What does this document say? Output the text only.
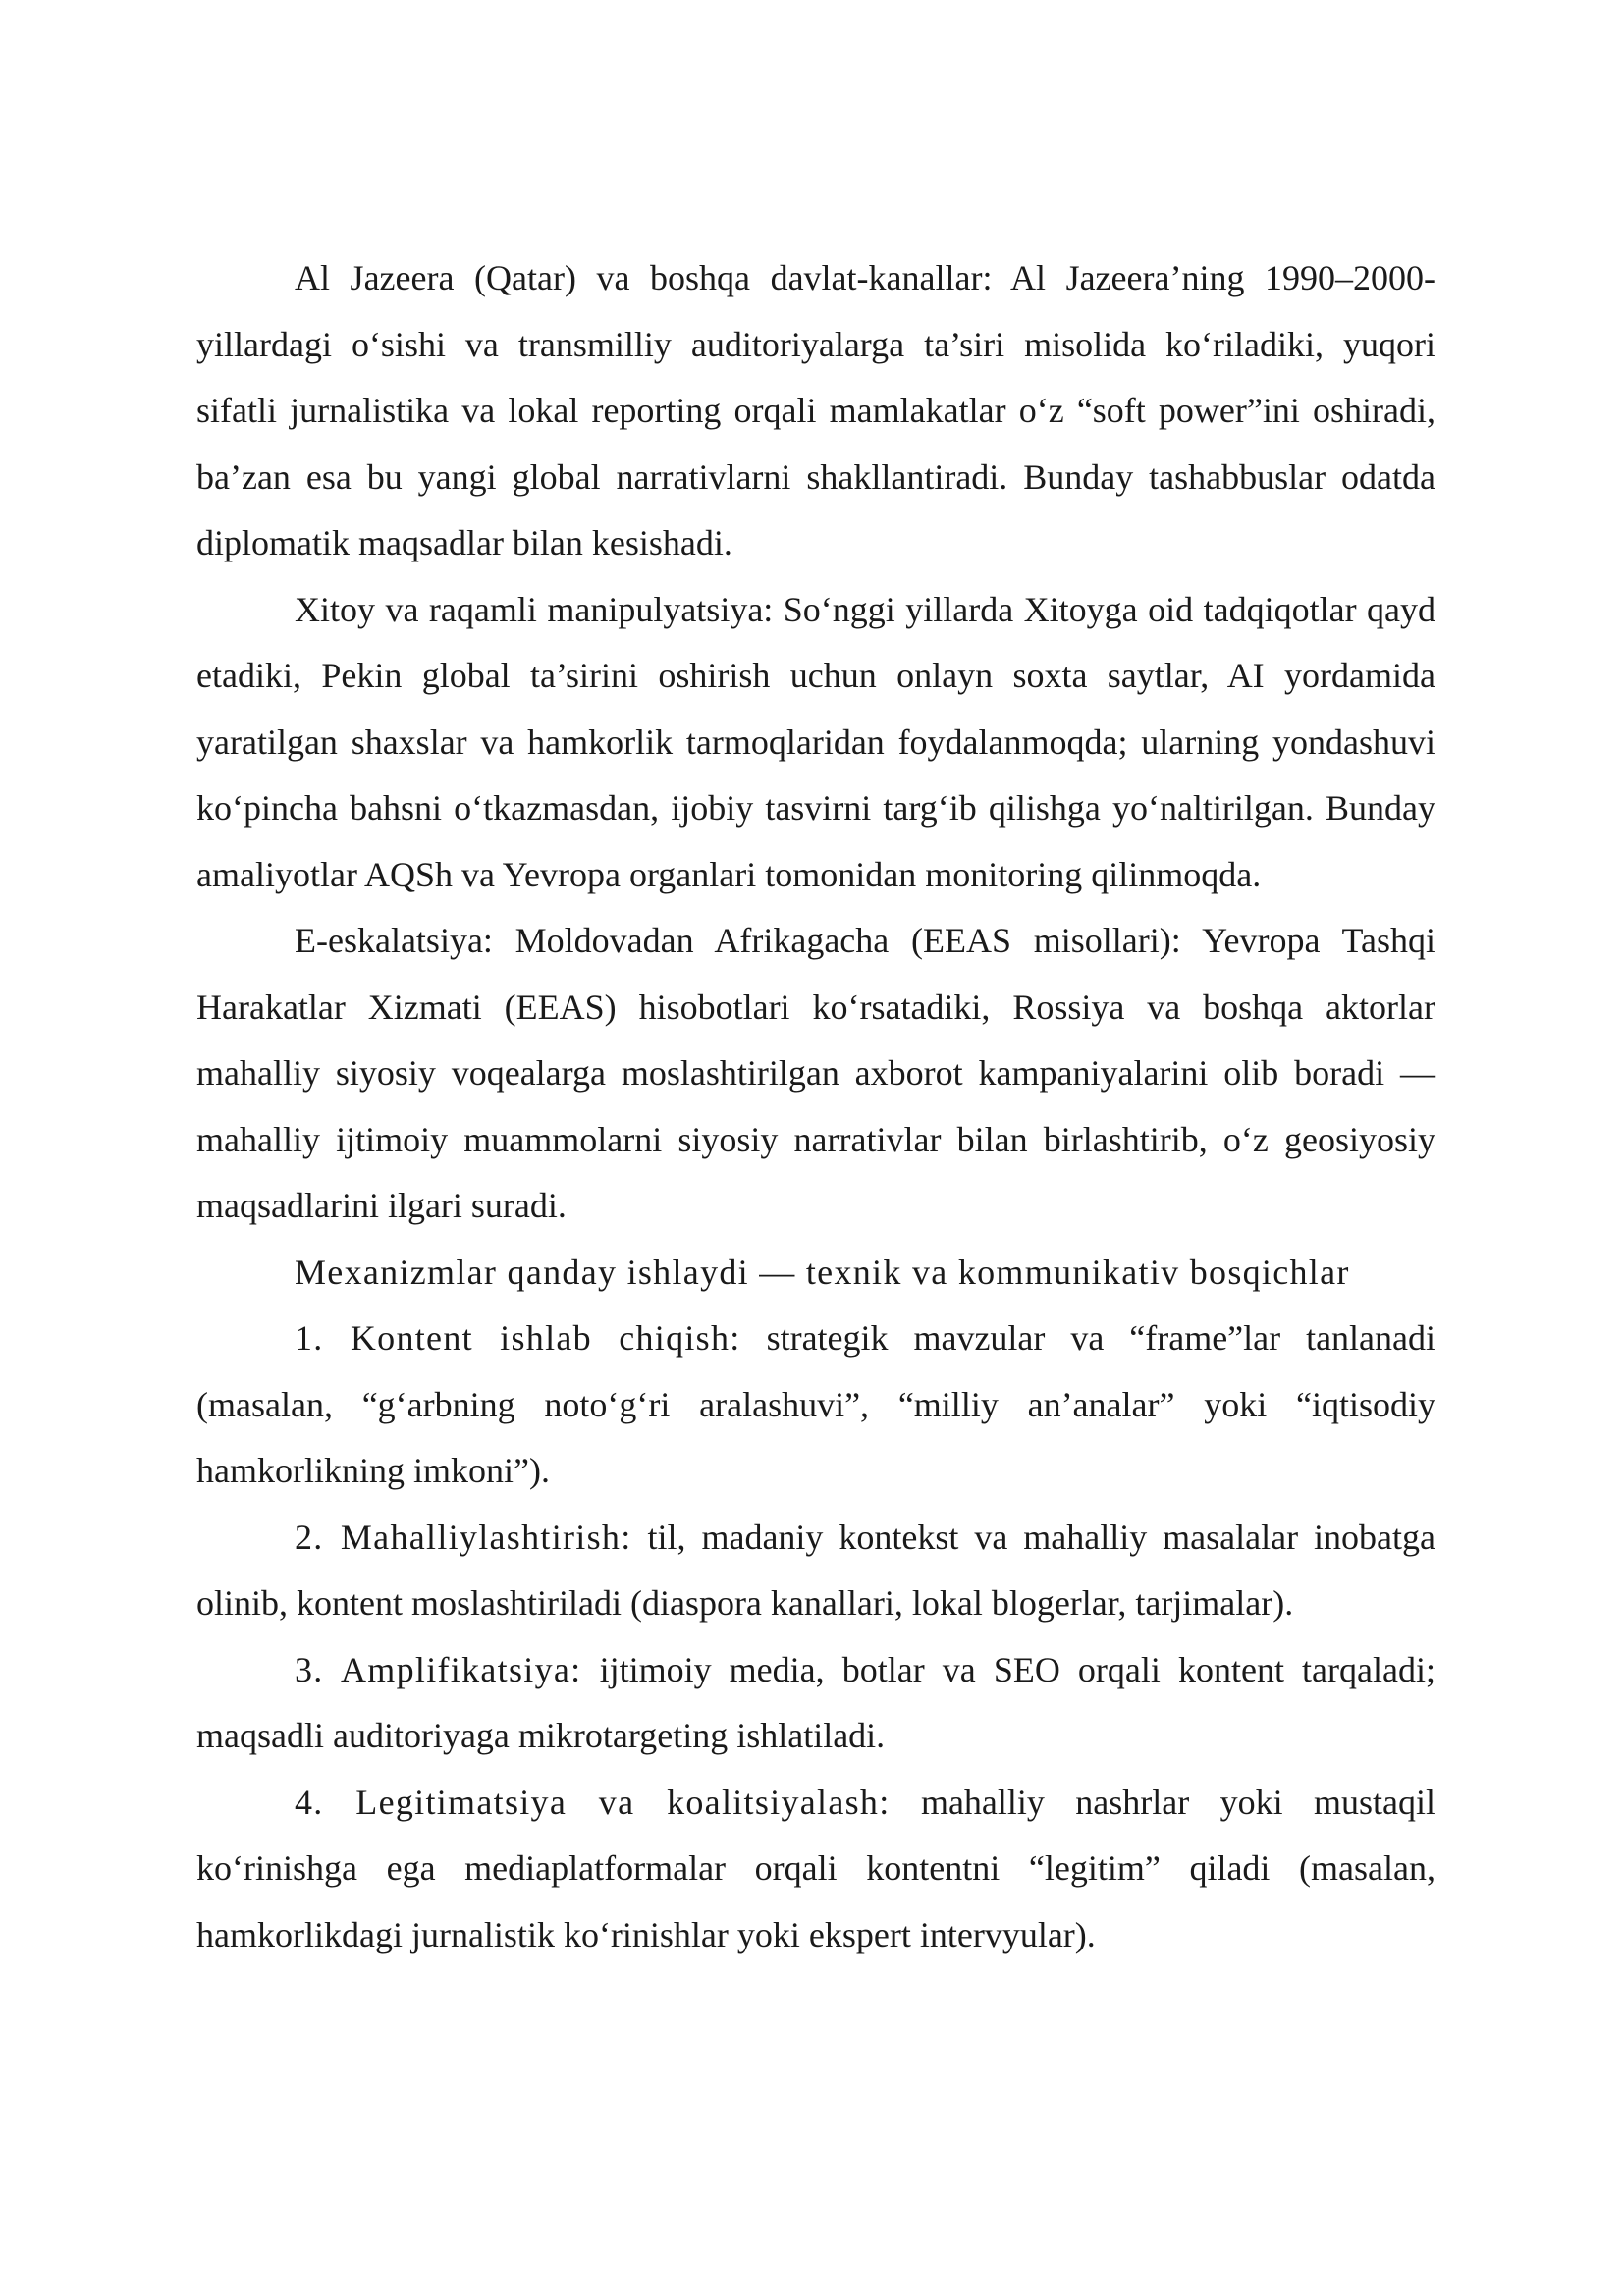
Al Jazeera (Qatar) va boshqa davlat-kanallar: Al Jazeera’ning 1990–2000-yillardagi o‘sishi va transmilliy auditoriyalarga ta’siri misolida ko‘riladiki, yuqori sifatli jurnalistika va lokal reporting orqali mamlakatlar o‘z “soft power”ini oshiradi, ba’zan esa bu yangi global narrativlarni shakllantiradi. Bunday tashabbuslar odatda diplomatik maqsadlar bilan kesishadi.

Xitoy va raqamli manipulyatsiya: So‘nggi yillarda Xitoyga oid tadqiqotlar qayd etadiki, Pekin global ta’sirini oshirish uchun onlayn soxta saytlar, AI yordamida yaratilgan shaxslar va hamkorlik tarmoqlaridan foydalanmoqda; ularning yondashuvi ko‘pincha bahsni o‘tkazmasdan, ijobiy tasvirni targ‘ib qilishga yo‘naltirilgan. Bunday amaliyotlar AQSh va Yevropa organlari tomonidan monitoring qilinmoqda.

E-eskalatsiya: Moldovadan Afrikagacha (EEAS misollari): Yevropa Tashqi Harakatlar Xizmati (EEAS) hisobotlari ko‘rsatadiki, Rossiya va boshqa aktorlar mahalliy siyosiy voqealarga moslashtirilgan axborot kampaniyalarini olib boradi — mahalliy ijtimoiy muammolarni siyosiy narrativlar bilan birlashtirib, o‘z geosiyosiy maqsadlarini ilgari suradi.

Mexanizmlar qanday ishlaydi — texnik va kommunikativ bosqichlar

1. Kontent ishlab chiqish: strategik mavzular va “frame”lar tanlanadi (masalan, “g‘arbning noto‘g‘ri aralashuvi”, “milliy an’analar” yoki “iqtisodiy hamkorlikning imkoni”).

2. Mahalliylashtirish: til, madaniy kontekst va mahalliy masalalar inobatga olinib, kontent moslashtiriladi (diaspora kanallari, lokal blogerlar, tarjimalar).

3. Amplifikatsiya: ijtimoiy media, botlar va SEO orqali kontent tarqaladi; maqsadli auditoriyaga mikrotargeting ishlatiladi.

4. Legitimatsiya va koalitsiyalash: mahalliy nashrlar yoki mustaqil ko‘rinishga ega mediaplatformalar orqali kontentni “legitim” qiladi (masalan, hamkorlikdagi jurnalistik ko‘rinishlar yoki ekspert intervyular).
